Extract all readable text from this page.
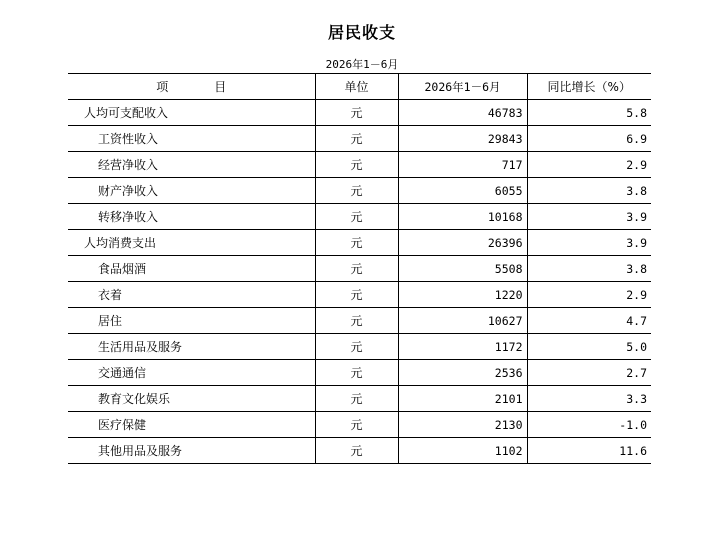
居民收支
2026年1－6月
项 目	单位	2026年1－6月	同比增长（%）
人均可支配收入	元	46783	5.8
工资性收入	元	29843	6.9
经营净收入	元	717	2.9
财产净收入	元	6055	3.8
转移净收入	元	10168	3.9
人均消费支出	元	26396	3.9
食品烟酒	元	5508	3.8
衣着	元	1220	2.9
居住	元	10627	4.7
生活用品及服务	元	1172	5.0
交通通信	元	2536	2.7
教育文化娱乐	元	2101	3.3
医疗保健	元	2130	-1.0
其他用品及服务	元	1102	11.6
